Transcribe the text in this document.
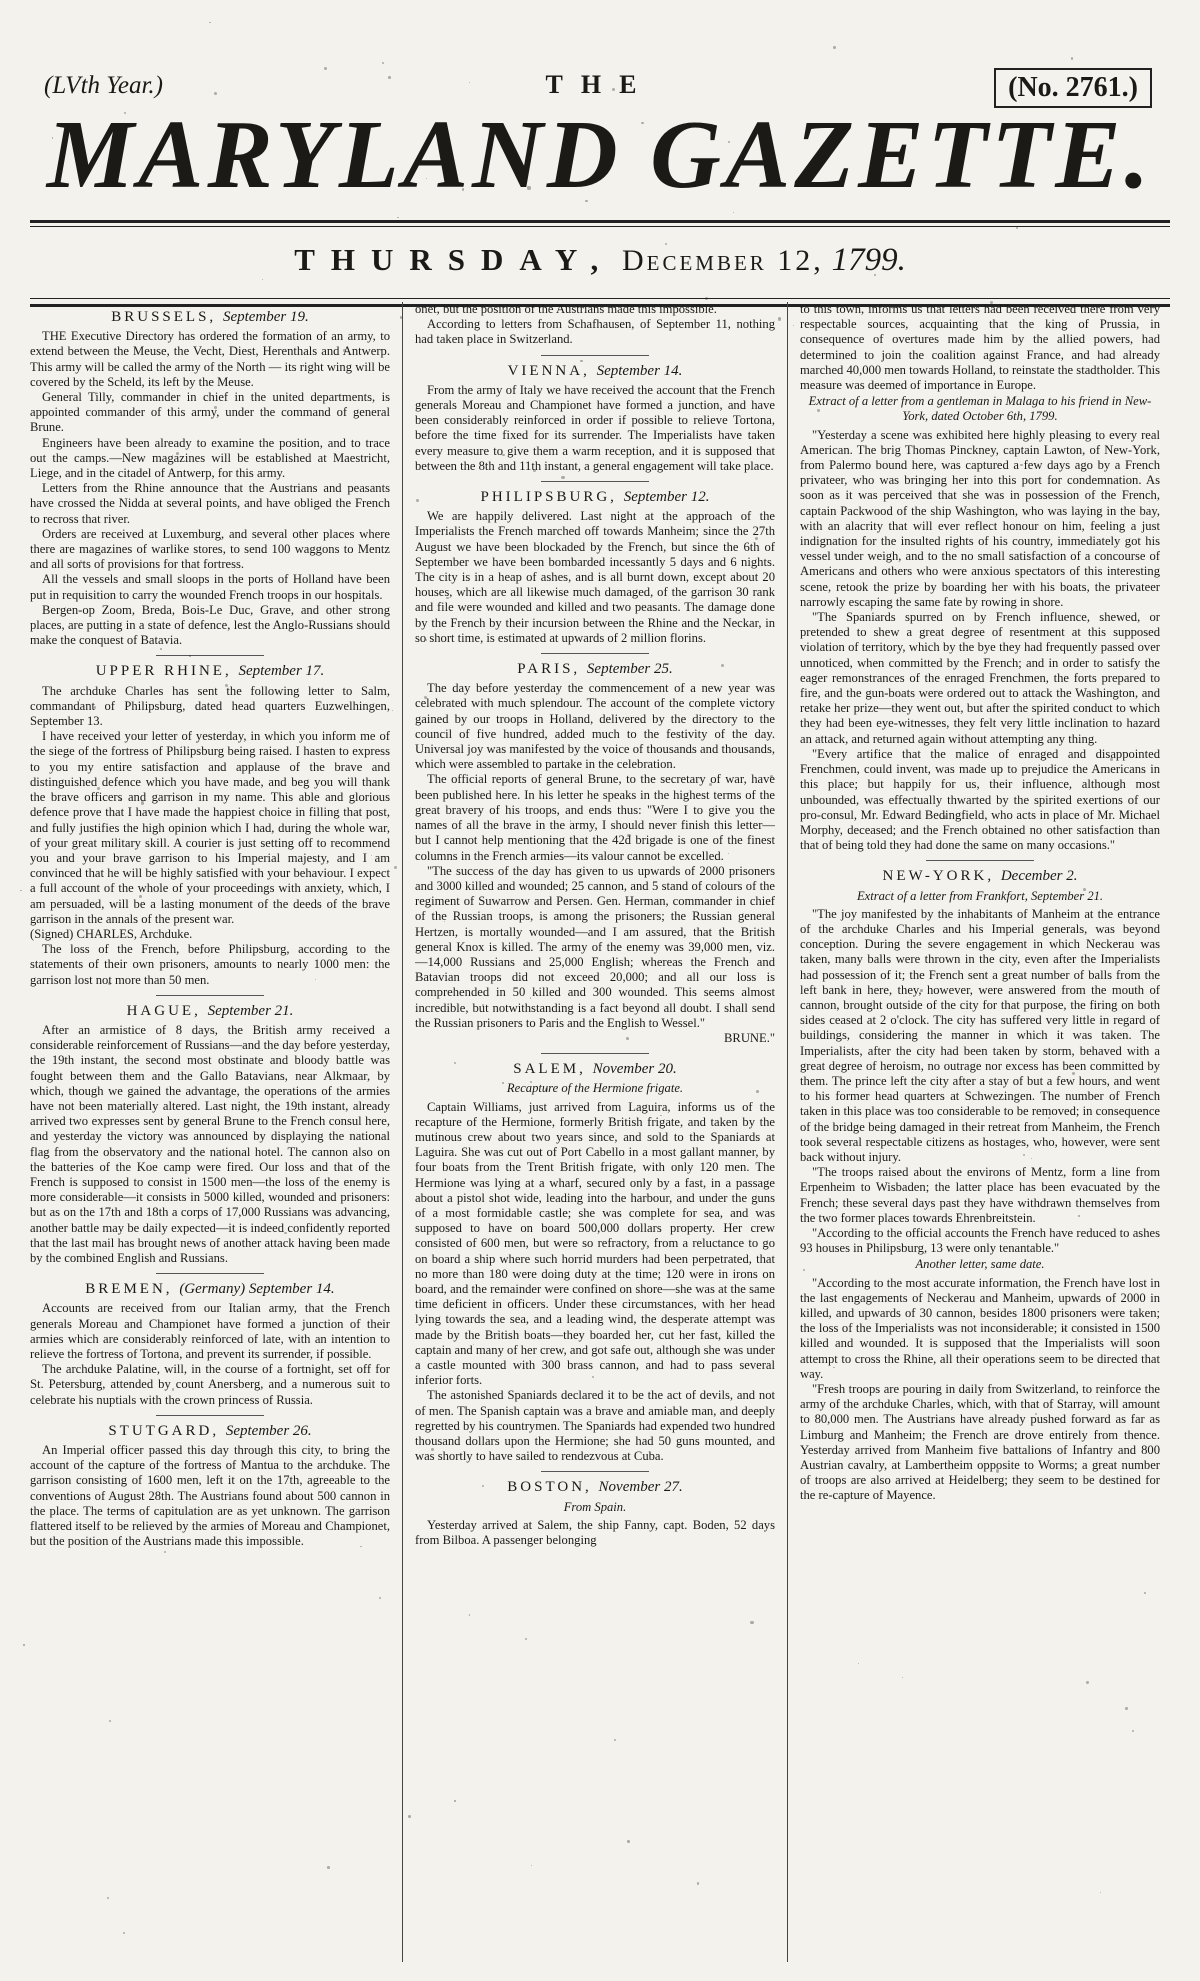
(LVth Year.)	THE	(No. 2761.)
MARYLAND GAZETTE.
THURSDAY, December 12, 1799.
BRUSSELS, September 19.

THE Executive Directory has ordered the formation of an army, to extend between the Meuse, the Vecht, Diest, Herenthals and Antwerp. This army will be called the army of the North — its right wing will be covered by the Scheld, its left by the Meuse.

General Tilly, commander in chief in the united departments, is appointed commander of this army, under the command of general Brune.

Engineers have been already to examine the position, and to trace out the camps.—New magazines will be established at Maestricht, Liege, and in the citadel of Antwerp, for this army.

Letters from the Rhine announce that the Austrians and peasants have crossed the Nidda at several points, and have obliged the French to recross that river.

Orders are received at Luxemburg, and several other places where there are magazines of warlike stores, to send 100 waggons to Mentz and all sorts of provisions for that fortress.

All the vessels and small sloops in the ports of Holland have been put in requisition to carry the wounded French troops in our hospitals.

Bergen-op Zoom, Breda, Bois-Le Duc, Grave, and other strong places, are putting in a state of defence, lest the Anglo-Russians should make the conquest of Batavia.

UPPER RHINE, September 17.

The archduke Charles has sent the following letter to Salm, commandant of Philipsburg, dated head quarters Euzwelhingen, September 13.

I have received your letter of yesterday, in which you inform me of the siege of the fortress of Philipsburg being raised. I hasten to express to you my entire satisfaction and applause of the brave and distinguished defence which you have made, and beg you will thank the brave officers and garrison in my name. This able and glorious defence prove that I have made the happiest choice in filling that post, and fully justifies the high opinion which I had, during the whole war, of your great military skill. A courier is just setting off to recommend you and your brave garrison to his Imperial majesty, and I am convinced that he will be highly satisfied with your behaviour. I expect a full account of the whole of your proceedings with anxiety, which, I am persuaded, will be a lasting monument of the deeds of the brave garrison in the annals of the present war.

(Signed) CHARLES, Archduke.

The loss of the French, before Philipsburg, according to the statements of their own prisoners, amounts to nearly 1000 men: the garrison lost not more than 50 men.

HAGUE, September 21.

After an armistice of 8 days, the British army received a considerable reinforcement of Russians—and the day before yesterday, the 19th instant, the second most obstinate and bloody battle was fought between them and the Gallo Batavians, near Alkmaar, by which, though we gained the advantage, the operations of the armies have not been materially altered. Last night, the 19th instant, already arrived two expresses sent by general Brune to the French consul here, and yesterday the victory was announced by displaying the national flag from the observatory and the national hotel. The cannon also on the batteries of the Koe camp were fired. Our loss and that of the French is supposed to consist in 1500 men—the loss of the enemy is more considerable—it consists in 5000 killed, wounded and prisoners: but as on the 17th and 18th a corps of 17,000 Russians was advancing, another battle may be daily expected—it is indeed confidently reported that the last mail has brought news of another attack having been made by the combined English and Russians.

BREMEN, (Germany) September 14.

Accounts are received from our Italian army, that the French generals Moreau and Championet have formed a junction of their armies which are considerably reinforced of late, with an intention to relieve the fortress of Tortona, and prevent its surrender, if possible.

The archduke Palatine, will, in the course of a fortnight, set off for St. Petersburg, attended by count Anersberg, and a numerous suit to celebrate his nuptials with the crown princess of Russia.

STUTGARD, September 26.

An Imperial officer passed this day through this city, to bring the account of the capture of the fortress of Mantua to the archduke. The garrison consisting of 1600 men, left it on the 17th, agreeable to the conventions of August 28th. The Austrians found about 500 cannon in the place. The terms of capitulation are as yet unknown. The garrison flattered itself to be relieved by the armies of Moreau and Championet, but the position of the Austrians made this impossible.

onet, but the position of the Austrians made this impossible.

According to letters from Schafhausen, of September 11, nothing had taken place in Switzerland.

VIENNA, September 14.

From the army of Italy we have received the account that the French generals Moreau and Championet have formed a junction, and have been considerably reinforced in order if possible to relieve Tortona, before the time fixed for its surrender. The Imperialists have taken every measure to give them a warm reception, and it is supposed that between the 8th and 11th instant, a general engagement will take place.

PHILIPSBURG, September 12.

We are happily delivered. Last night at the approach of the Imperialists the French marched off towards Manheim; since the 27th August we have been blockaded by the French, but since the 6th of September we have been bombarded incessantly 5 days and 6 nights. The city is in a heap of ashes, and is all burnt down, except about 20 houses, which are all likewise much damaged, of the garrison 30 rank and file were wounded and killed and two peasants. The damage done by the French by their incursion between the Rhine and the Neckar, in so short time, is estimated at upwards of 2 million florins.

PARIS, September 25.

The day before yesterday the commencement of a new year was celebrated with much splendour. The account of the complete victory gained by our troops in Holland, delivered by the directory to the council of five hundred, added much to the festivity of the day. Universal joy was manifested by the voice of thousands and thousands, which were assembled to partake in the celebration.

The official reports of general Brune, to the secretary of war, have been published here. In his letter he speaks in the highest terms of the great bravery of his troops, and ends thus: "Were I to give you the names of all the brave in the army, I should never finish this letter—but I cannot help mentioning that the 42d brigade is one of the finest columns in the French armies—its valour cannot be excelled.

"The success of the day has given to us upwards of 2000 prisoners and 3000 killed and wounded; 25 cannon, and 5 stand of colours of the regiment of Suwarrow and Persen. Gen. Herman, commander in chief of the Russian troops, is among the prisoners; the Russian general Hertzen, is mortally wounded—and I am assured, that the British general Knox is killed. The army of the enemy was 39,000 men, viz. —14,000 Russians and 25,000 English; whereas the French and Batavian troops did not exceed 20,000; and all our loss is comprehended in 50 killed and 300 wounded. This seems almost incredible, but notwithstanding is a fact beyond all doubt. I shall send the Russian prisoners to Paris and the English to Wessel."

BRUNE."

SALEM, November 20.

Recapture of the Hermione frigate.

Captain Williams, just arrived from Laguira, informs us of the recapture of the Hermione, formerly British frigate, and taken by the mutinous crew about two years since, and sold to the Spaniards at Laguira. She was cut out of Port Cabello in a most gallant manner, by four boats from the Trent British frigate, with only 120 men. The Hermione was lying at a wharf, secured only by a fast, in a passage about a pistol shot wide, leading into the harbour, and under the guns of a most formidable castle; she was complete for sea, and was supposed to have on board 500,000 dollars property. Her crew consisted of 600 men, but were so refractory, from a reluctance to go on board a ship where such horrid murders had been perpetrated, that no more than 180 were doing duty at the time; 120 were in irons on board, and the remainder were confined on shore—she was at the same time deficient in officers. Under these circumstances, with her head lying towards the sea, and a leading wind, the desperate attempt was made by the British boats—they boarded her, cut her fast, killed the captain and many of her crew, and got safe out, although she was under a castle mounted with 300 brass cannon, and had to pass several inferior forts.

The astonished Spaniards declared it to be the act of devils, and not of men. The Spanish captain was a brave and amiable man, and deeply regretted by his countrymen. The Spaniards had expended two hundred thousand dollars upon the Hermione; she had 50 guns mounted, and was shortly to have sailed to rendezvous at Cuba.

BOSTON, November 27.

From Spain.

Yesterday arrived at Salem, the ship Fanny, capt. Boden, 52 days from Bilboa. A passenger belonging

to this town, informs us that letters had been received there from very respectable sources, acquainting that the king of Prussia, in consequence of overtures made him by the allied powers, had determined to join the coalition against France, and had already marched 40,000 men towards Holland, to reinstate the stadtholder. This measure was deemed of importance in Europe.

Extract of a letter from a gentleman in Malaga to his friend in New-York, dated October 6th, 1799.

"Yesterday a scene was exhibited here highly pleasing to every real American. The brig Thomas Pinckney, captain Lawton, of New-York, from Palermo bound here, was captured a few days ago by a French privateer, who was bringing her into this port for condemnation. As soon as it was perceived that she was in possession of the French, captain Packwood of the ship Washington, who was laying in the bay, with an alacrity that will ever reflect honour on him, feeling a just indignation for the insulted rights of his country, immediately got his vessel under weigh, and to the no small satisfaction of a concourse of Americans and others who were anxious spectators of this interesting scene, retook the prize by boarding her with his boats, the privateer narrowly escaping the same fate by rowing in shore.

"The Spaniards spurred on by French influence, shewed, or pretended to shew a great degree of resentment at this supposed violation of territory, which by the bye they had frequently passed over unnoticed, when committed by the French; and in order to satisfy the eager remonstrances of the enraged Frenchmen, the forts prepared to fire, and the gun-boats were ordered out to attack the Washington, and retake her prize—they went out, but after the spirited conduct to which they had been eye-witnesses, they felt very little inclination to hazard an attack, and returned again without attempting any thing.

"Every artifice that the malice of enraged and disappointed Frenchmen, could invent, was made up to prejudice the Americans in this place; but happily for us, their influence, although most unbounded, was effectually thwarted by the spirited exertions of our pro-consul, Mr. Edward Bedingfield, who acts in place of Mr. Michael Morphy, deceased; and the French obtained no other satisfaction than that of being told they had done the same on many occasions."

NEW-YORK, December 2.

Extract of a letter from Frankfort, September 21.

"The joy manifested by the inhabitants of Manheim at the entrance of the archduke Charles and his Imperial generals, was beyond conception. During the severe engagement in which Neckerau was taken, many balls were thrown in the city, even after the Imperialists had possession of it; the French sent a great number of balls from the left bank in here, they, however, were answered from the mouth of cannon, brought outside of the city for that purpose, the firing on both sides ceased at 2 o'clock. The city has suffered very little in regard of buildings, considering the manner in which it was taken. The Imperialists, after the city had been taken by storm, behaved with a great degree of heroism, no outrage nor excess has been committed by them. The prince left the city after a stay of but a few hours, and went to his former head quarters at Schwezingen. The number of French taken in this place was too considerable to be removed; in consequence of the bridge being damaged in their retreat from Manheim, the French took several respectable citizens as hostages, who, however, were sent back without injury.

"The troops raised about the environs of Mentz, form a line from Erpenheim to Wisbaden; the latter place has been evacuated by the French; these several days past they have withdrawn themselves from the two former places towards Ehrenbreitstein.

"According to the official accounts the French have reduced to ashes 93 houses in Philipsburg, 13 were only tenantable."

Another letter, same date.

"According to the most accurate information, the French have lost in the last engagements of Neckerau and Manheim, upwards of 2000 in killed, and upwards of 30 cannon, besides 1800 prisoners were taken; the loss of the Imperialists was not inconsiderable; it consisted in 1500 killed and wounded. It is supposed that the Imperialists will soon attempt to cross the Rhine, all their operations seem to be directed that way.

"Fresh troops are pouring in daily from Switzerland, to reinforce the army of the archduke Charles, which, with that of Starray, will amount to 80,000 men. The Austrians have already pushed forward as far as Limburg and Manheim; the French are drove entirely from thence. Yesterday arrived from Manheim five battalions of Infantry and 800 Austrian cavalry, at Lambertheim opposite to Worms; a great number of troops are also arrived at Heidelberg; they seem to be destined for the re-capture of Mayence.
